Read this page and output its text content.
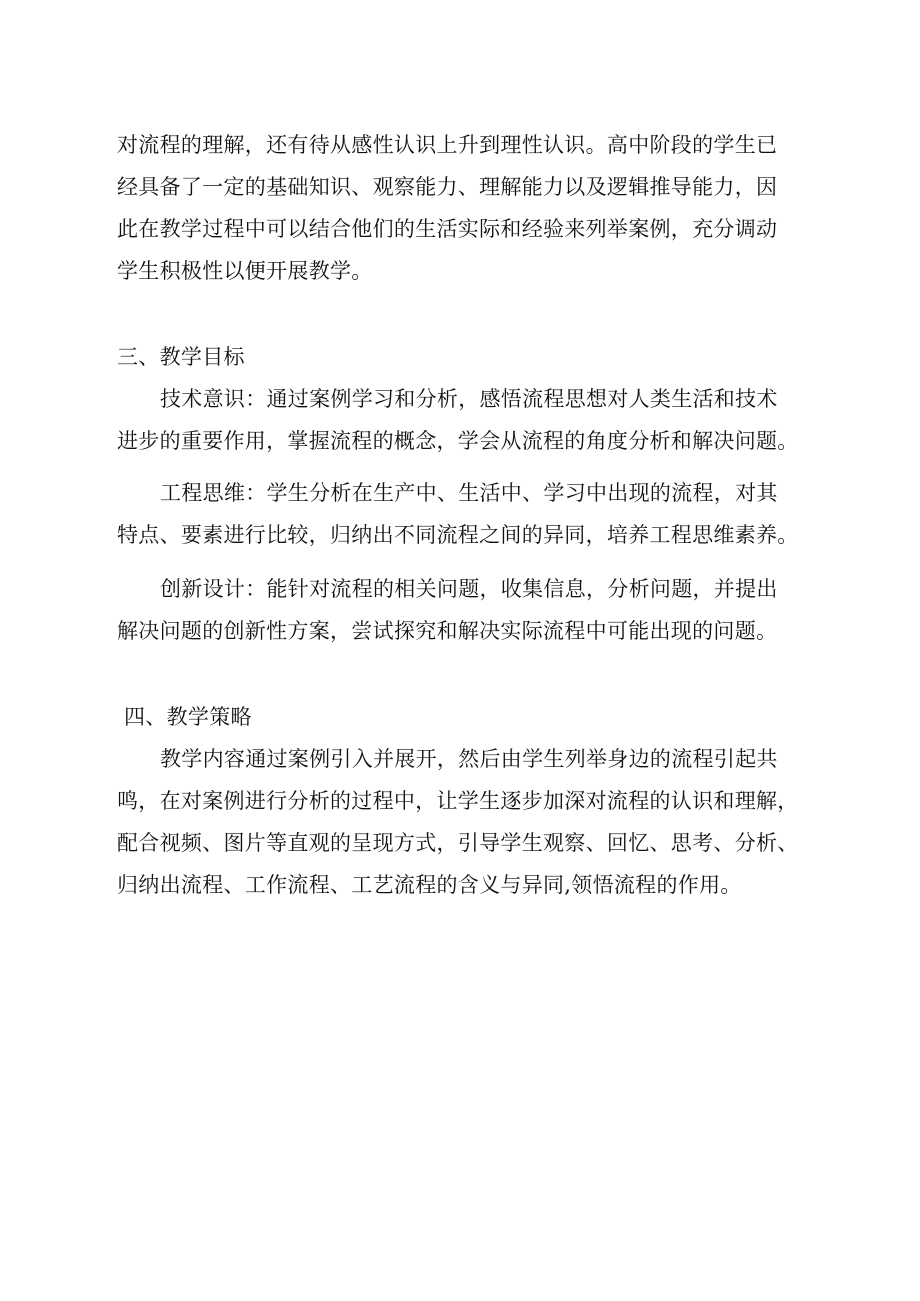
对流程的理解，还有待从感性认识上升到理性认识。高中阶段的学生已
经具备了一定的基础知识、观察能力、理解能力以及逻辑推导能力，因
此在教学过程中可以结合他们的生活实际和经验来列举案例，充分调动
学生积极性以便开展教学。
三、教学目标
技术意识：通过案例学习和分析，感悟流程思想对人类生活和技术
进步的重要作用，掌握流程的概念，学会从流程的角度分析和解决问题。
工程思维：学生分析在生产中、生活中、学习中出现的流程，对其
特点、要素进行比较，归纳出不同流程之间的异同，培养工程思维素养。
创新设计：能针对流程的相关问题，收集信息，分析问题，并提出
解决问题的创新性方案，尝试探究和解决实际流程中可能出现的问题。
四、教学策略
教学内容通过案例引入并展开，然后由学生列举身边的流程引起共
鸣，在对案例进行分析的过程中，让学生逐步加深对流程的认识和理解，
配合视频、图片等直观的呈现方式，引导学生观察、回忆、思考、分析、
归纳出流程、工作流程、工艺流程的含义与异同,领悟流程的作用。
